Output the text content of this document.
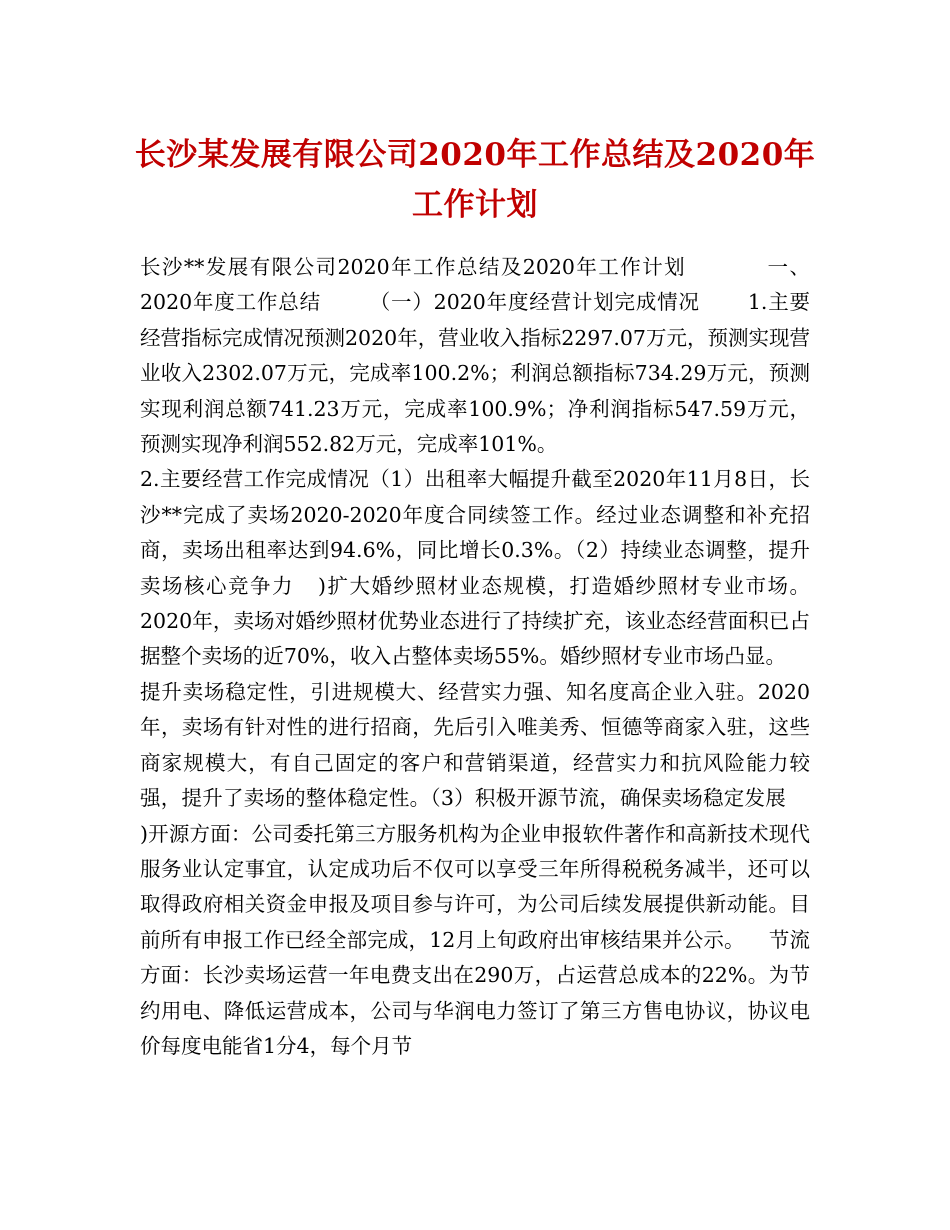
长沙某发展有限公司2020年工作总结及2020年工作计划

长沙**发展有限公司2020年工作总结及2020年工作计划	一、2020年度工作总结 （一）2020年度经营计划完成情况 1.主要经营指标完成情况预测2020年，营业收入指标2297.07万元，预测实现营业收入2302.07万元，完成率100.2%；利润总额指标734.29万元，预测实现利润总额741.23万元，完成率100.9%；净利润指标547.59万元，预测实现净利润552.82万元，完成率101%。

2.主要经营工作完成情况（1）出租率大幅提升截至2020年11月8日，长沙**完成了卖场2020-2020年度合同续签工作。经过业态调整和补充招商，卖场出租率达到94.6%，同比增长0.3%。（2）持续业态调整，提升卖场核心竞争力 )扩大婚纱照材业态规模，打造婚纱照材专业市场。2020年，卖场对婚纱照材优势业态进行了持续扩充，该业态经营面积已占据整个卖场的近70%，收入占整体卖场55%。婚纱照材专业市场凸显。提升卖场稳定性，引进规模大、经营实力强、知名度高企业入驻。2020年，卖场有针对性的进行招商，先后引入唯美秀、恒德等商家入驻，这些商家规模大，有自己固定的客户和营销渠道，经营实力和抗风险能力较强，提升了卖场的整体稳定性。（3）积极开源节流，确保卖场稳定发展)开源方面：公司委托第三方服务机构为企业申报软件著作和高新技术现代服务业认定事宜，认定成功后不仅可以享受三年所得税税务减半，还可以取得政府相关资金申报及项目参与许可，为公司后续发展提供新动能。目前所有申报工作已经全部完成，12月上旬政府出审核结果并公示。 节流方面：长沙卖场运营一年电费支出在290万，占运营总成本的22%。为节约用电、降低运营成本，公司与华润电力签订了第三方售电协议，协议电价每度电能省1分4，每个月节
